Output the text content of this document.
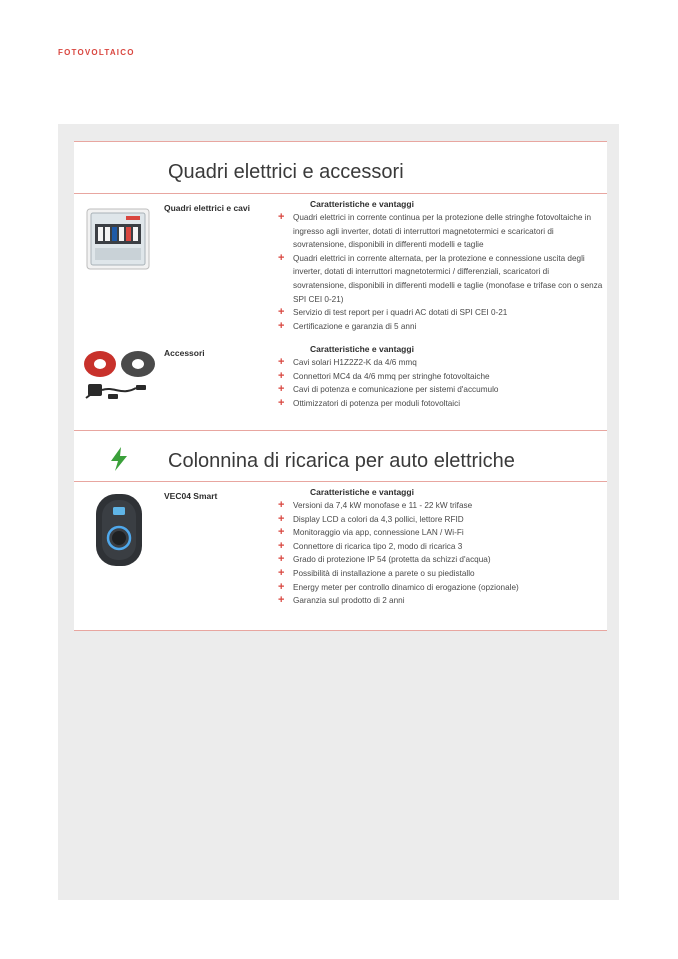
FOTOVOLTAICO
Quadri elettrici e accessori
Quadri elettrici e cavi	Caratteristiche e vantaggi
+ Quadri elettrici in corrente continua per la protezione delle stringhe fotovoltaiche in ingresso agli inverter, dotati di interruttori magnetotermici e scaricatori di sovratensione, disponibili in differenti modelli e taglie
+ Quadri elettrici in corrente alternata, per la protezione e connessione uscita degli inverter, dotati di interruttori magnetotermici / differenziali, scaricatori di sovratensione, disponibili in differenti modelli e taglie (monofase e trifase con o senza SPI CEI 0-21)
+ Servizio di test report per i quadri AC dotati di SPI CEI 0-21
+ Certificazione e garanzia di 5 anni
Accessori	Caratteristiche e vantaggi
+ Cavi solari H1Z2Z2-K da 4/6 mmq
+ Connettori MC4 da 4/6 mmq per stringhe fotovoltaiche
+ Cavi di potenza e comunicazione per sistemi d'accumulo
+ Ottimizzatori di potenza per moduli fotovoltaici
Colonnina di ricarica per auto elettriche
VEC04 Smart	Caratteristiche e vantaggi
+ Versioni da 7,4 kW monofase e 11 - 22 kW trifase
+ Display LCD a colori da 4,3 pollici, lettore RFID
+ Monitoraggio via app, connessione LAN / Wi-Fi
+ Connettore di ricarica tipo 2, modo di ricarica 3
+ Grado di protezione IP 54 (protetta da schizzi d'acqua)
+ Possibilità di installazione a parete o su piedistallo
+ Energy meter per controllo dinamico di erogazione (opzionale)
+ Garanzia sul prodotto di 2 anni
